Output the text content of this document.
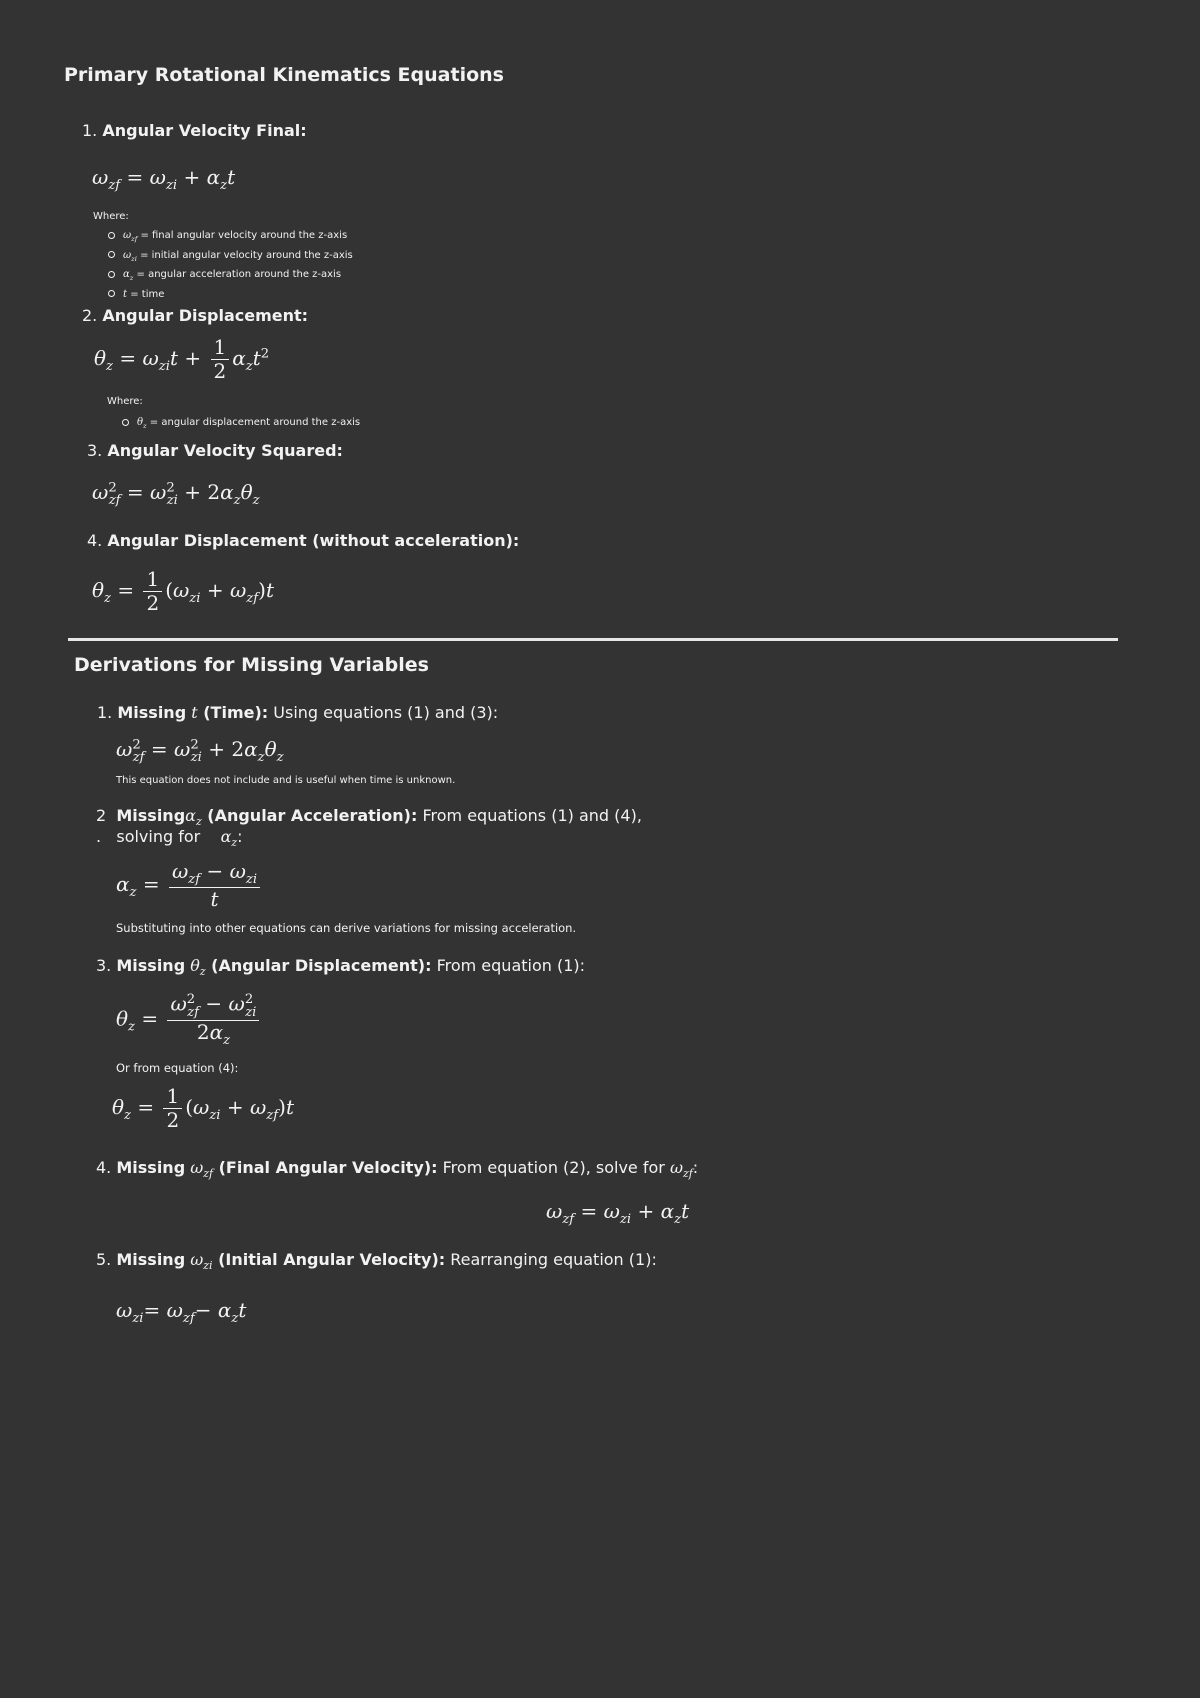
Primary Rotational Kinematics Equations
1. Angular Velocity Final:
$\omega_{zf} = \omega_{zi} + \alpha_zt$
Where:
$\omega_{zf}$ = final angular velocity around the z-axis
$\omega_{zi}$ = initial angular velocity around the z-axis
$\alpha_z$ = angular acceleration around the z-axis
t = time
2. Angular Displacement:
$\theta_z = \omega_{zi}t + \frac{1}{2} \alpha_zt^2$
Where:
$\theta_z$ = angular displacement around the z-axis
3. Angular Velocity Squared:
$\omega^2_{zf} = \omega^2_{zi} + 2\alpha_z\theta_z$
4. Angular Displacement (without acceleration):
$\theta_z = \frac{1}{2} (\omega_{zi} + \omega_{zf})t$
Derivations for Missing Variables
1. Missing t (Time): Using equations (1) and (3):
$\omega^2_{zf} = \omega^2_{zi} + 2\alpha_z\theta_z$
This equation does not include and is useful when time is unknown.
2 Missingα$_z$ (Angular Acceleration): From equations (1) and (4),
. solving for    $\alpha_z$:
$\alpha_z = \frac{\omega_{zf} - \omega_{zi}}{t}$
Substituting into other equations can derive variations for missing acceleration.
3. Missing $\theta_z$ (Angular Displacement): From equation (1):
$\theta_z = \frac{\omega^2_{zf} - \omega^2_{zi}}{2\alpha_z}$
Or from equation (4):
$\theta_z = \frac{1}{2} (\omega_{zi} + \omega_{zf})t$
4. Missing $\omega_{zf}$ (Final Angular Velocity): From equation (2), solve for $\omega_{zf}$:
$\omega_{zf} = \omega_{zi} + \alpha_zt$
5. Missing $\omega_{zi}$ (Initial Angular Velocity): Rearranging equation (1):
$\omega_{zi}= \omega_{zf}- \alpha_zt$
